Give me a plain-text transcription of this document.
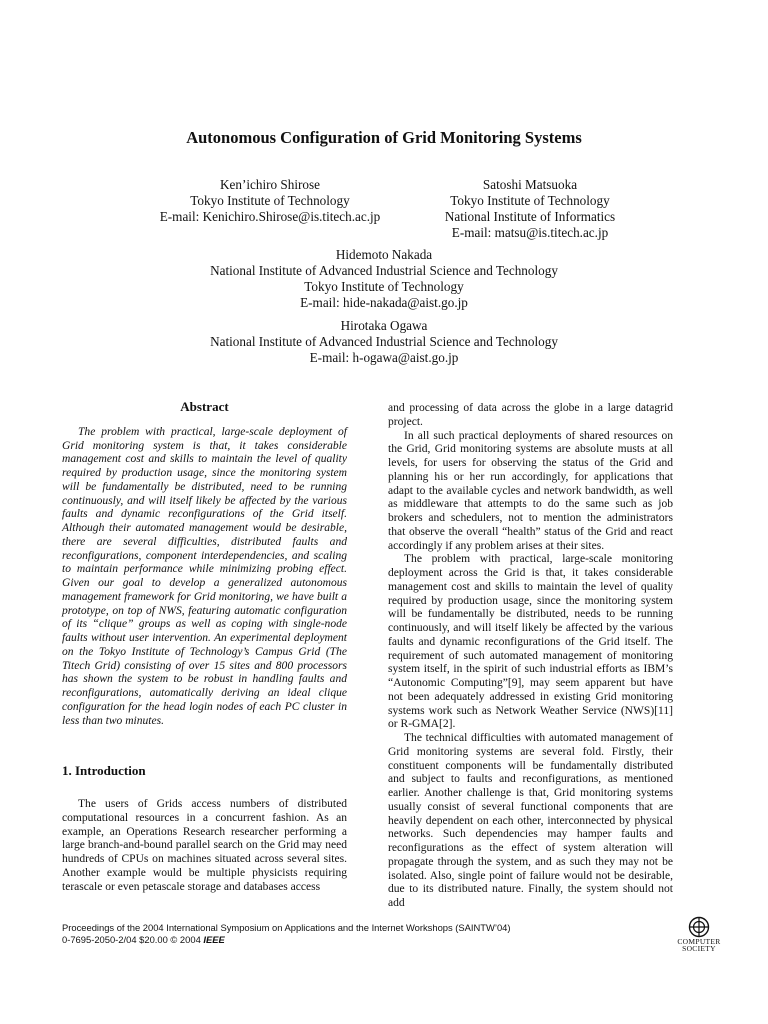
Autonomous Configuration of Grid Monitoring Systems
Ken’ichiro Shirose
Tokyo Institute of Technology
E-mail: Kenichiro.Shirose@is.titech.ac.jp
Satoshi Matsuoka
Tokyo Institute of Technology
National Institute of Informatics
E-mail: matsu@is.titech.ac.jp
Hidemoto Nakada
National Institute of Advanced Industrial Science and Technology
Tokyo Institute of Technology
E-mail: hide-nakada@aist.go.jp
Hirotaka Ogawa
National Institute of Advanced Industrial Science and Technology
E-mail: h-ogawa@aist.go.jp
Abstract

The problem with practical, large-scale deployment of Grid monitoring system is that, it takes considerable management cost and skills to maintain the level of quality required by production usage, since the monitoring system will be fundamentally be distributed, need to be running continuously, and will itself likely be affected by the various faults and dynamic reconfigurations of the Grid itself. Although their automated management would be desirable, there are several difficulties, distributed faults and reconfigurations, component interdependencies, and scaling to maintain performance while minimizing probing effect. Given our goal to develop a generalized autonomous management framework for Grid monitoring, we have built a prototype, on top of NWS, featuring automatic configuration of its “clique” groups as well as coping with single-node faults without user intervention. An experimental deployment on the Tokyo Institute of Technology’s Campus Grid (The Titech Grid) consisting of over 15 sites and 800 processors has shown the system to be robust in handling faults and reconfigurations, automatically deriving an ideal clique configuration for the head login nodes of each PC cluster in less than two minutes.

1. Introduction

The users of Grids access numbers of distributed computational resources in a concurrent fashion. As an example, an Operations Research researcher performing a large branch-and-bound parallel search on the Grid may need hundreds of CPUs on machines situated across several sites. Another example would be multiple physicists requiring terascale or even petascale storage and databases access

and processing of data across the globe in a large datagrid project.

In all such practical deployments of shared resources on the Grid, Grid monitoring systems are absolute musts at all levels, for users for observing the status of the Grid and planning his or her run accordingly, for applications that adapt to the available cycles and network bandwidth, as well as middleware that attempts to do the same such as job brokers and schedulers, not to mention the administrators that observe the overall “health” status of the Grid and react accordingly if any problem arises at their sites.

The problem with practical, large-scale monitoring deployment across the Grid is that, it takes considerable management cost and skills to maintain the level of quality required by production usage, since the monitoring system will be fundamentally be distributed, needs to be running continuously, and will itself likely be affected by the various faults and dynamic reconfigurations of the Grid itself. The requirement of such automated management of monitoring system itself, in the spirit of such industrial efforts as IBM’s “Autonomic Computing”[9], may seem apparent but have not been adequately addressed in existing Grid monitoring systems work such as Network Weather Service (NWS)[11] or R-GMA[2].

The technical difficulties with automated management of Grid monitoring systems are several fold. Firstly, their constituent components will be fundamentally distributed and subject to faults and reconfigurations, as mentioned earlier. Another challenge is that, Grid monitoring systems usually consist of several functional components that are heavily dependent on each other, interconnected by physical networks. Such dependencies may hamper faults and reconfigurations as the effect of system alteration will propagate through the system, and as such they may not be isolated. Also, single point of failure would not be desirable, due to its distributed nature. Finally, the system should not add

Proceedings of the 2004 International Symposium on Applications and the Internet Workshops (SAINTW’04)
0-7695-2050-2/04 $20.00 © 2004 IEEE	COMPUTER
SOCIETY
